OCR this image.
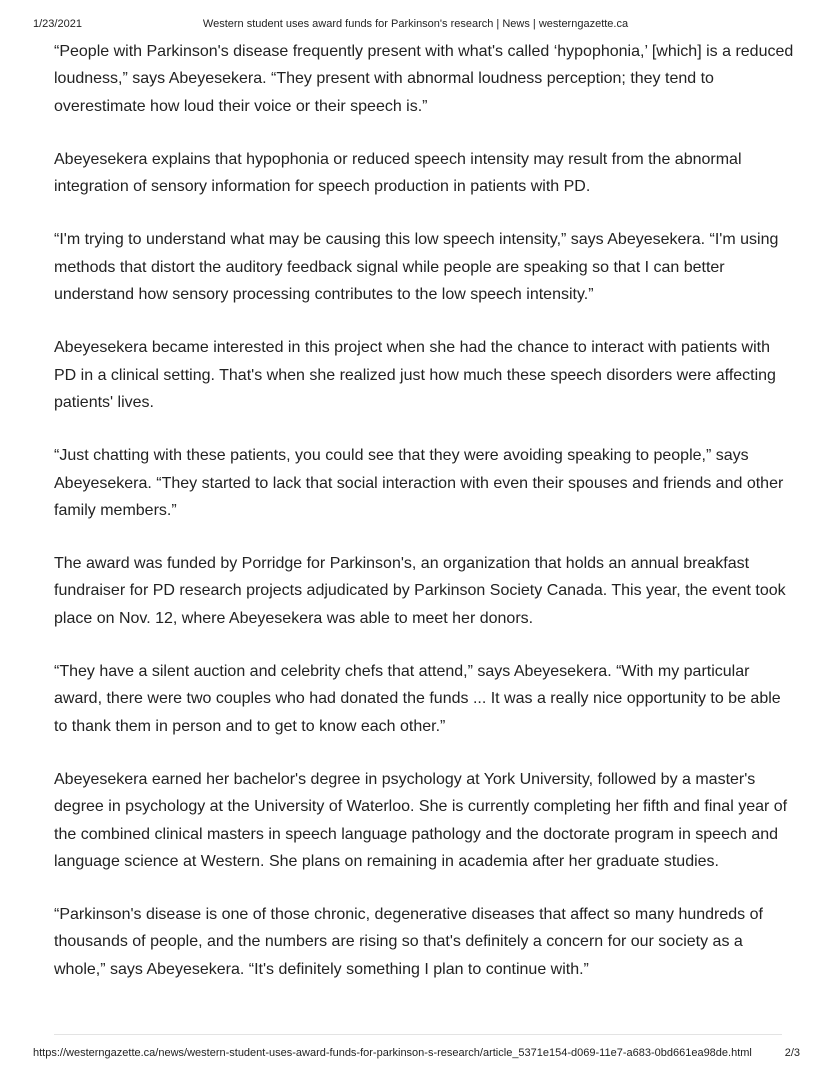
1/23/2021	Western student uses award funds for Parkinson's research | News | westerngazette.ca

“People with Parkinson's disease frequently present with what's called ‘hypophonia,’ [which] is a reduced loudness,” says Abeyesekera. “They present with abnormal loudness perception; they tend to overestimate how loud their voice or their speech is.”

Abeyesekera explains that hypophonia or reduced speech intensity may result from the abnormal integration of sensory information for speech production in patients with PD.

“I'm trying to understand what may be causing this low speech intensity,” says Abeyesekera. “I'm using methods that distort the auditory feedback signal while people are speaking so that I can better understand how sensory processing contributes to the low speech intensity.”

Abeyesekera became interested in this project when she had the chance to interact with patients with PD in a clinical setting. That's when she realized just how much these speech disorders were affecting patients' lives.

“Just chatting with these patients, you could see that they were avoiding speaking to people,” says Abeyesekera. “They started to lack that social interaction with even their spouses and friends and other family members.”

The award was funded by Porridge for Parkinson's, an organization that holds an annual breakfast fundraiser for PD research projects adjudicated by Parkinson Society Canada. This year, the event took place on Nov. 12, where Abeyesekera was able to meet her donors.

“They have a silent auction and celebrity chefs that attend,” says Abeyesekera. “With my particular award, there were two couples who had donated the funds ... It was a really nice opportunity to be able to thank them in person and to get to know each other.”

Abeyesekera earned her bachelor's degree in psychology at York University, followed by a master's degree in psychology at the University of Waterloo. She is currently completing her fifth and final year of the combined clinical masters in speech language pathology and the doctorate program in speech and language science at Western. She plans on remaining in academia after her graduate studies.

“Parkinson's disease is one of those chronic, degenerative diseases that affect so many hundreds of thousands of people, and the numbers are rising so that's definitely a concern for our society as a whole,” says Abeyesekera. “It's definitely something I plan to continue with.”

https://westerngazette.ca/news/western-student-uses-award-funds-for-parkinson-s-research/article_5371e154-d069-11e7-a683-0bd661ea98de.html	2/3
